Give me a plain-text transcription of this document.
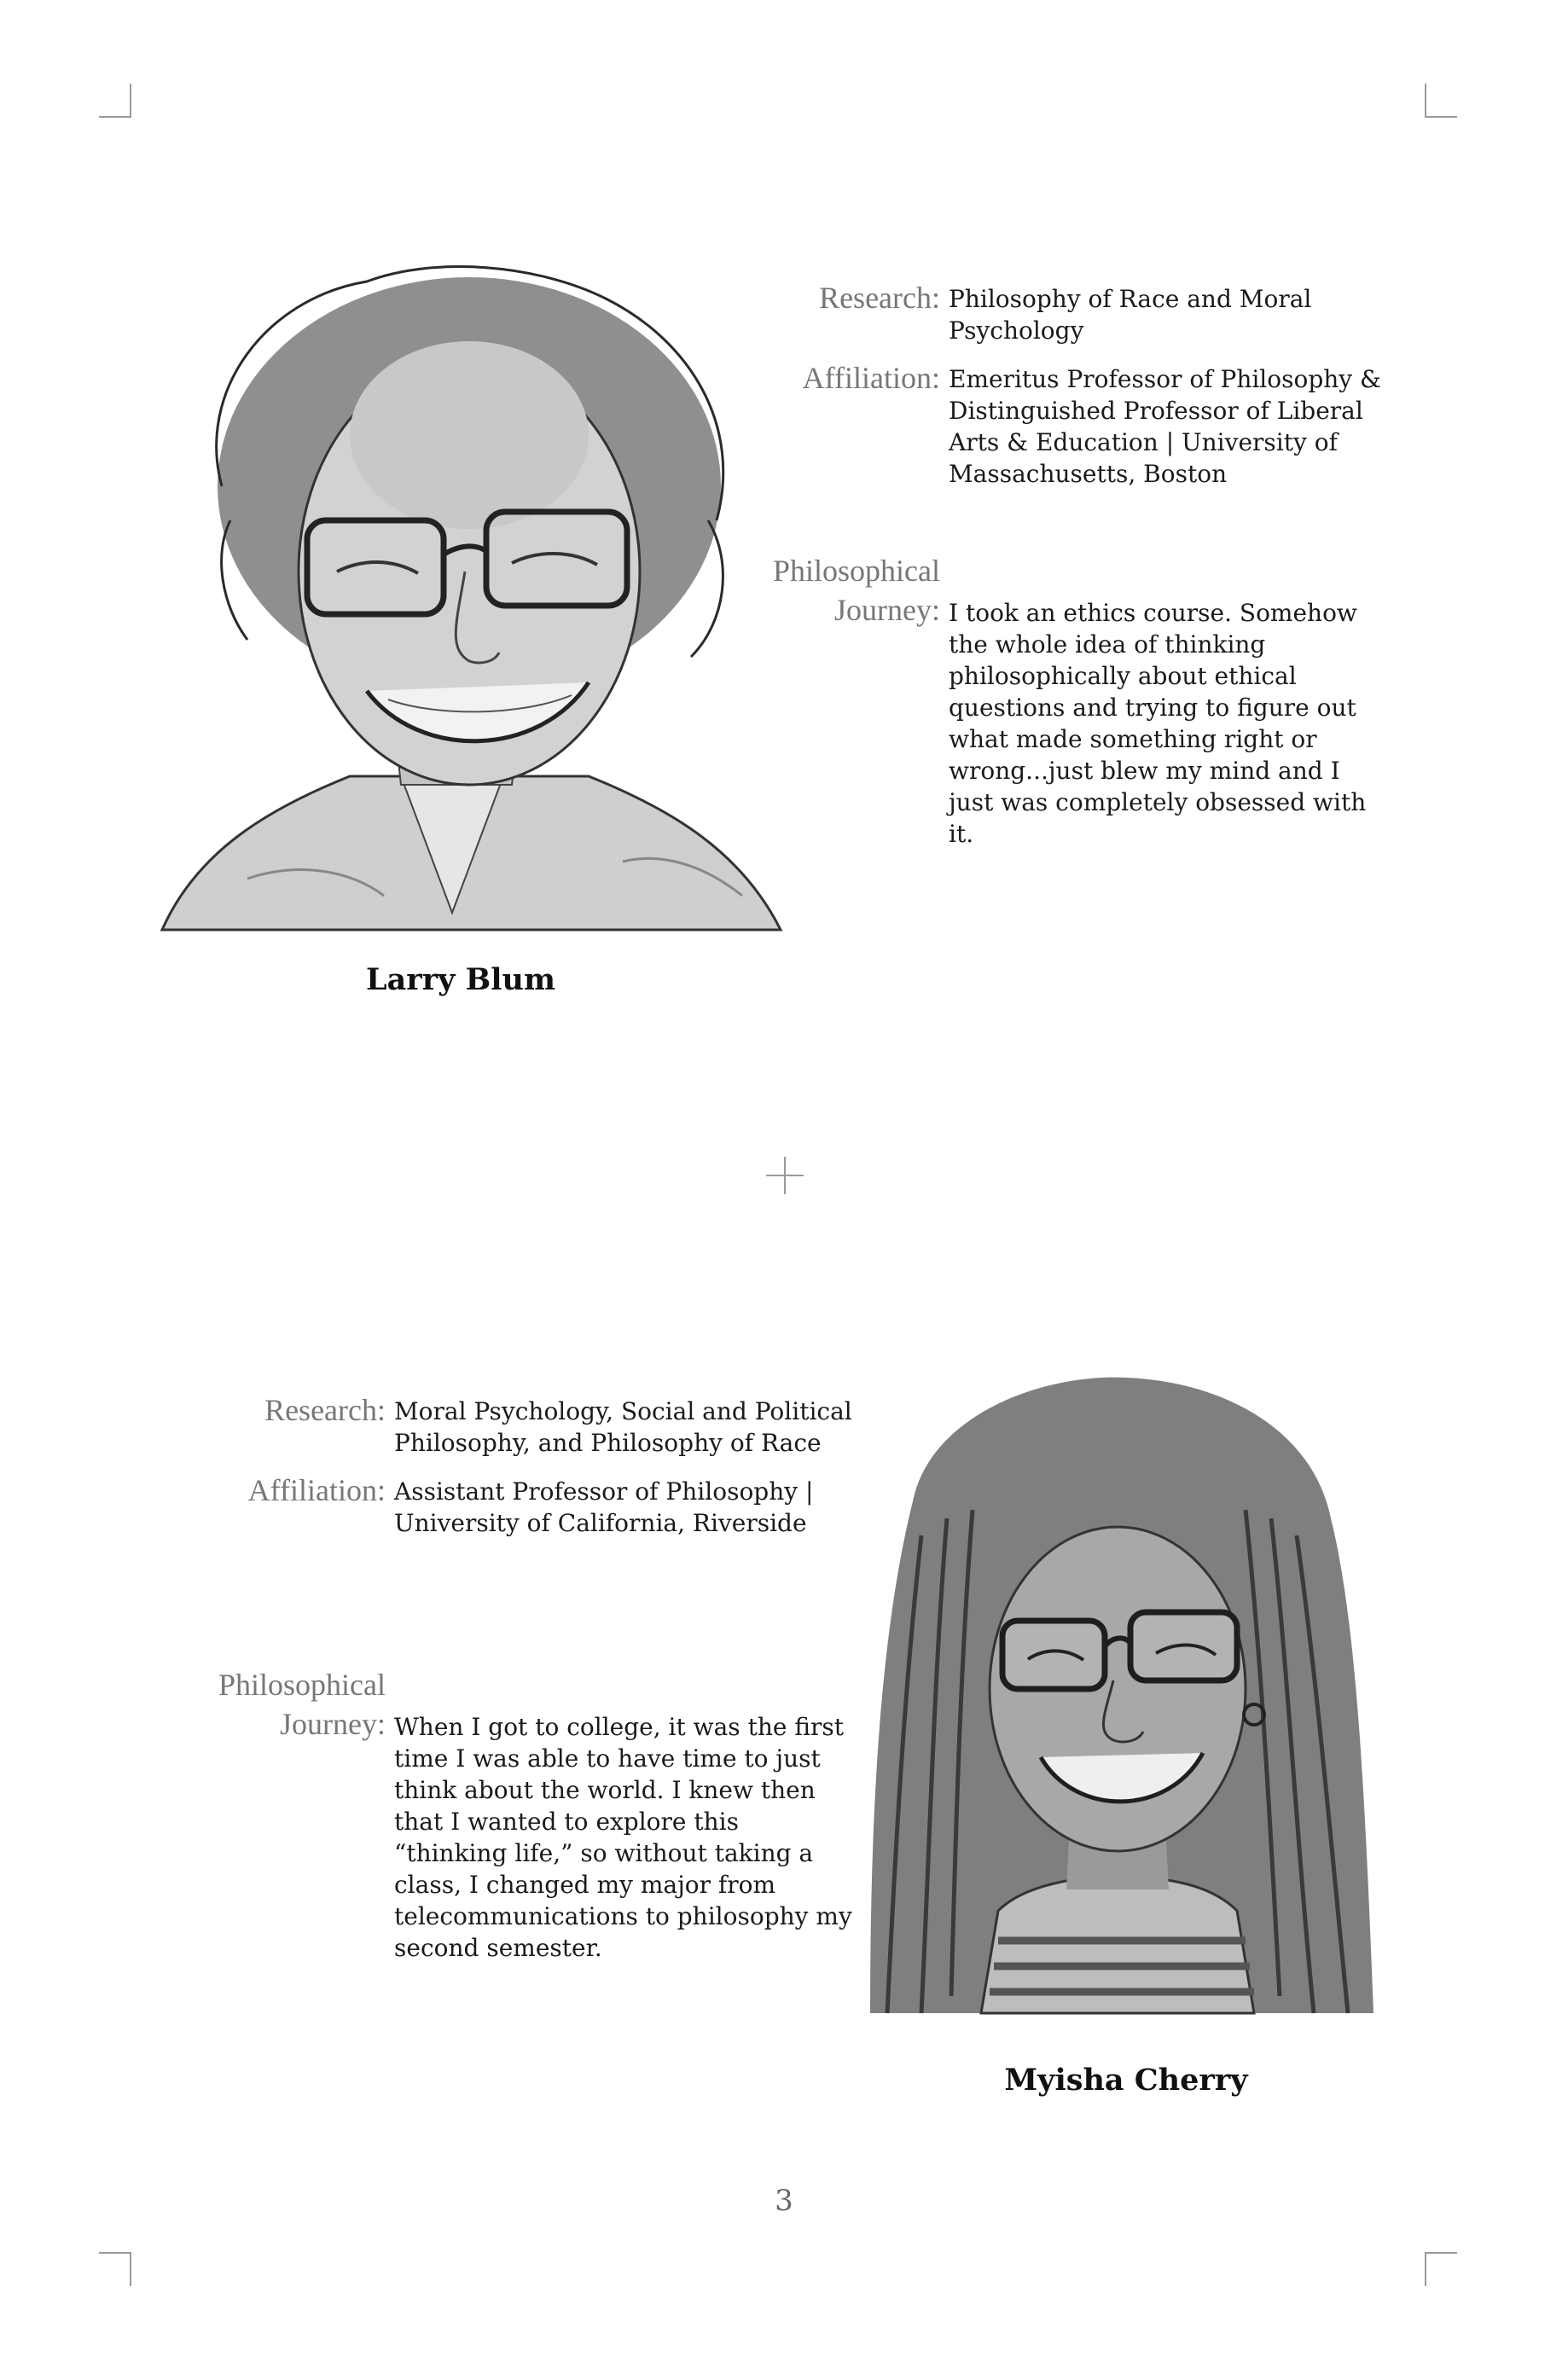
Larry Blum
Research: Philosophy of Race and Moral Psychology
Affiliation: Emeritus Professor of Philosophy & Distinguished Professor of Liberal Arts & Education | University of Massachusetts, Boston
Philosophical
Journey: I took an ethics course. Somehow the whole idea of thinking philosophically about ethical questions and trying to figure out what made something right or wrong...just blew my mind and I just was completely obsessed with it.
Research: Moral Psychology, Social and Political Philosophy, and Philosophy of Race
Affiliation: Assistant Professor of Philosophy | University of California, Riverside
Philosophical
Journey: When I got to college, it was the first time I was able to have time to just think about the world. I knew then that I wanted to explore this “thinking life,” so without taking a class, I changed my major from telecommunications to philosophy my second semester.
Myisha Cherry
3
